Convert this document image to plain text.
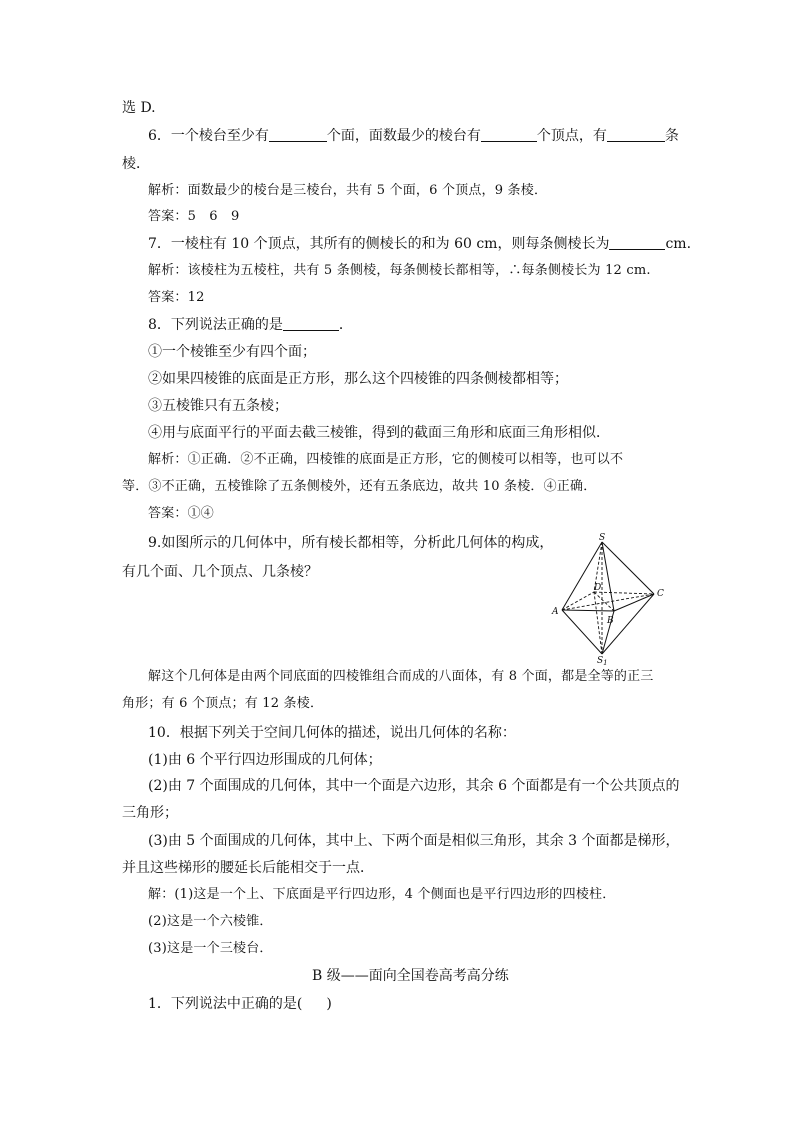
选 D.
6．一个棱台至少有	个面，面数最少的棱台有	个顶点，有	条
棱．
解析：面数最少的棱台是三棱台，共有 5 个面，6 个顶点，9 条棱．
答案：5　6　9
7．一棱柱有 10 个顶点，其所有的侧棱长的和为 60 cm，则每条侧棱长为	cm.
解析：该棱柱为五棱柱，共有 5 条侧棱，每条侧棱长都相等，∴每条侧棱长为 12 cm.
答案：12
8．下列说法正确的是	．
①一个棱锥至少有四个面；
②如果四棱锥的底面是正方形，那么这个四棱锥的四条侧棱都相等；
③五棱锥只有五条棱；
④用与底面平行的平面去截三棱锥，得到的截面三角形和底面三角形相似．
解析：①正确．②不正确，四棱锥的底面是正方形，它的侧棱可以相等，也可以不
等．③不正确，五棱锥除了五条侧棱外，还有五条底边，故共 10 条棱．④正确．
答案：①④
9.如图所示的几何体中，所有棱长都相等，分析此几何体的构成，
有几个面、几个顶点、几条棱？
S
D
C
A
B
$S_1$
解这个几何体是由两个同底面的四棱锥组合而成的八面体，有 8 个面，都是全等的正三
角形；有 6 个顶点；有 12 条棱．
10．根据下列关于空间几何体的描述，说出几何体的名称：
(1)由 6 个平行四边形围成的几何体；
(2)由 7 个面围成的几何体，其中一个面是六边形，其余 6 个面都是有一个公共顶点的
三角形；
(3)由 5 个面围成的几何体，其中上、下两个面是相似三角形，其余 3 个面都是梯形，
并且这些梯形的腰延长后能相交于一点．
解：(1)这是一个上、下底面是平行四边形，4 个侧面也是平行四边形的四棱柱．
(2)这是一个六棱锥．
(3)这是一个三棱台．
B 级——面向全国卷高考高分练
1．下列说法中正确的是( )
